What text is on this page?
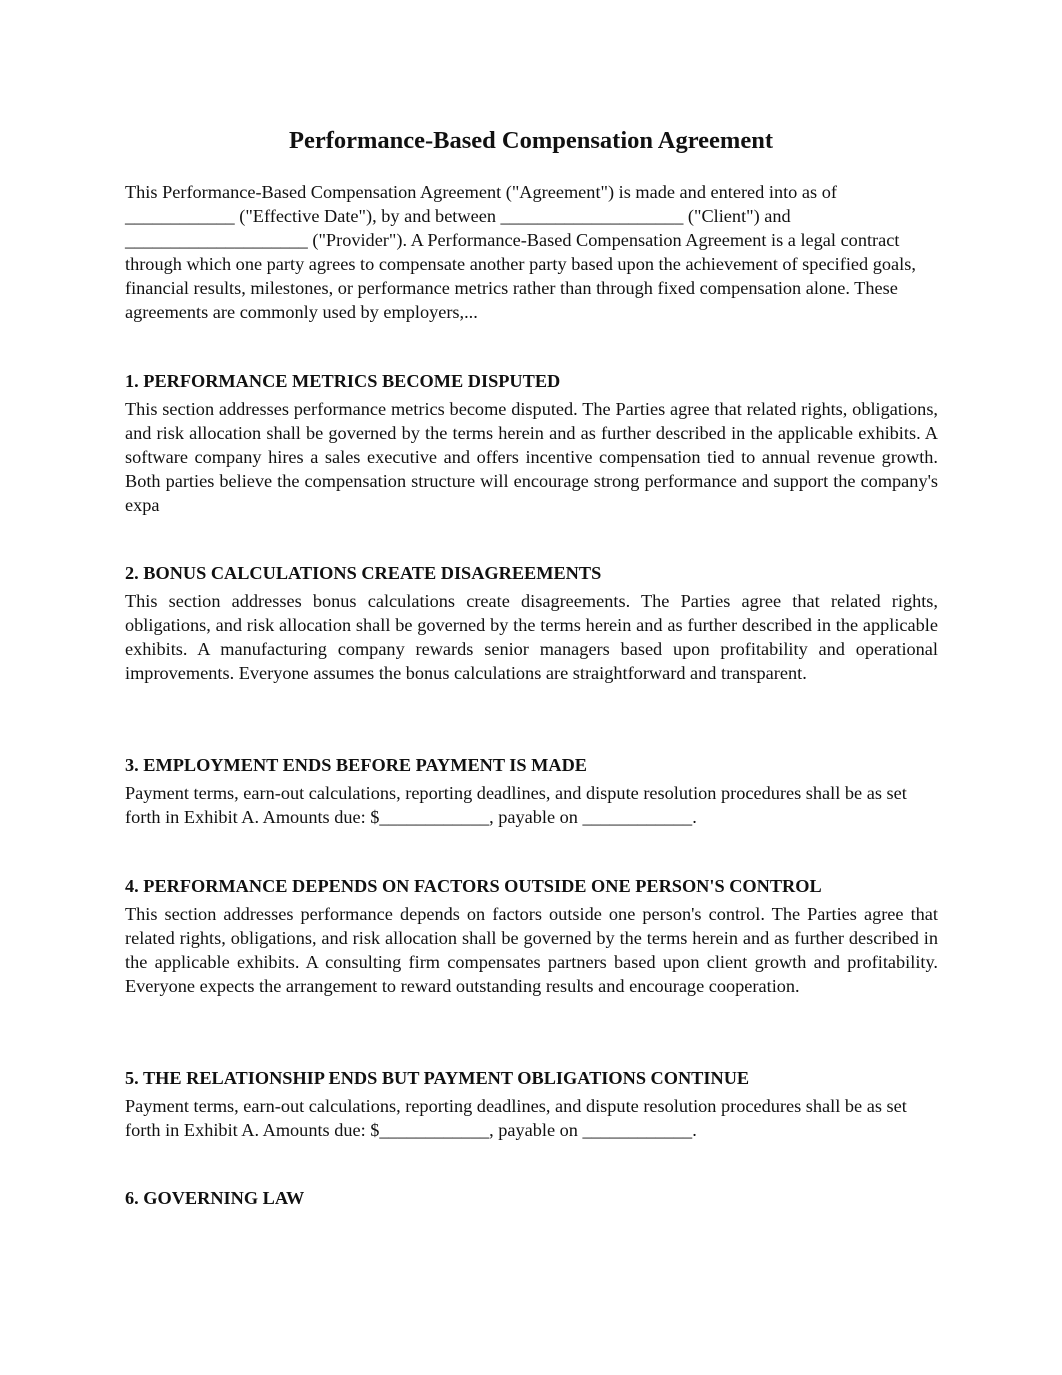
Performance-Based Compensation Agreement

This Performance-Based Compensation Agreement ("Agreement") is made and entered into as of ____________ ("Effective Date"), by and between ____________________ ("Client") and ____________________ ("Provider"). A Performance-Based Compensation Agreement is a legal contract through which one party agrees to compensate another party based upon the achievement of specified goals, financial results, milestones, or performance metrics rather than through fixed compensation alone. These agreements are commonly used by employers,...

1. PERFORMANCE METRICS BECOME DISPUTED

This section addresses performance metrics become disputed. The Parties agree that related rights, obligations, and risk allocation shall be governed by the terms herein and as further described in the applicable exhibits. A software company hires a sales executive and offers incentive compensation tied to annual revenue growth. Both parties believe the compensation structure will encourage strong performance and support the company's expa

2. BONUS CALCULATIONS CREATE DISAGREEMENTS

This section addresses bonus calculations create disagreements. The Parties agree that related rights, obligations, and risk allocation shall be governed by the terms herein and as further described in the applicable exhibits. A manufacturing company rewards senior managers based upon profitability and operational improvements. Everyone assumes the bonus calculations are straightforward and transparent.

3. EMPLOYMENT ENDS BEFORE PAYMENT IS MADE

Payment terms, earn-out calculations, reporting deadlines, and dispute resolution procedures shall be as set forth in Exhibit A. Amounts due: $____________, payable on ____________.

4. PERFORMANCE DEPENDS ON FACTORS OUTSIDE ONE PERSON'S CONTROL

This section addresses performance depends on factors outside one person's control. The Parties agree that related rights, obligations, and risk allocation shall be governed by the terms herein and as further described in the applicable exhibits. A consulting firm compensates partners based upon client growth and profitability. Everyone expects the arrangement to reward outstanding results and encourage cooperation.

5. THE RELATIONSHIP ENDS BUT PAYMENT OBLIGATIONS CONTINUE

Payment terms, earn-out calculations, reporting deadlines, and dispute resolution procedures shall be as set forth in Exhibit A. Amounts due: $____________, payable on ____________.

6. GOVERNING LAW
